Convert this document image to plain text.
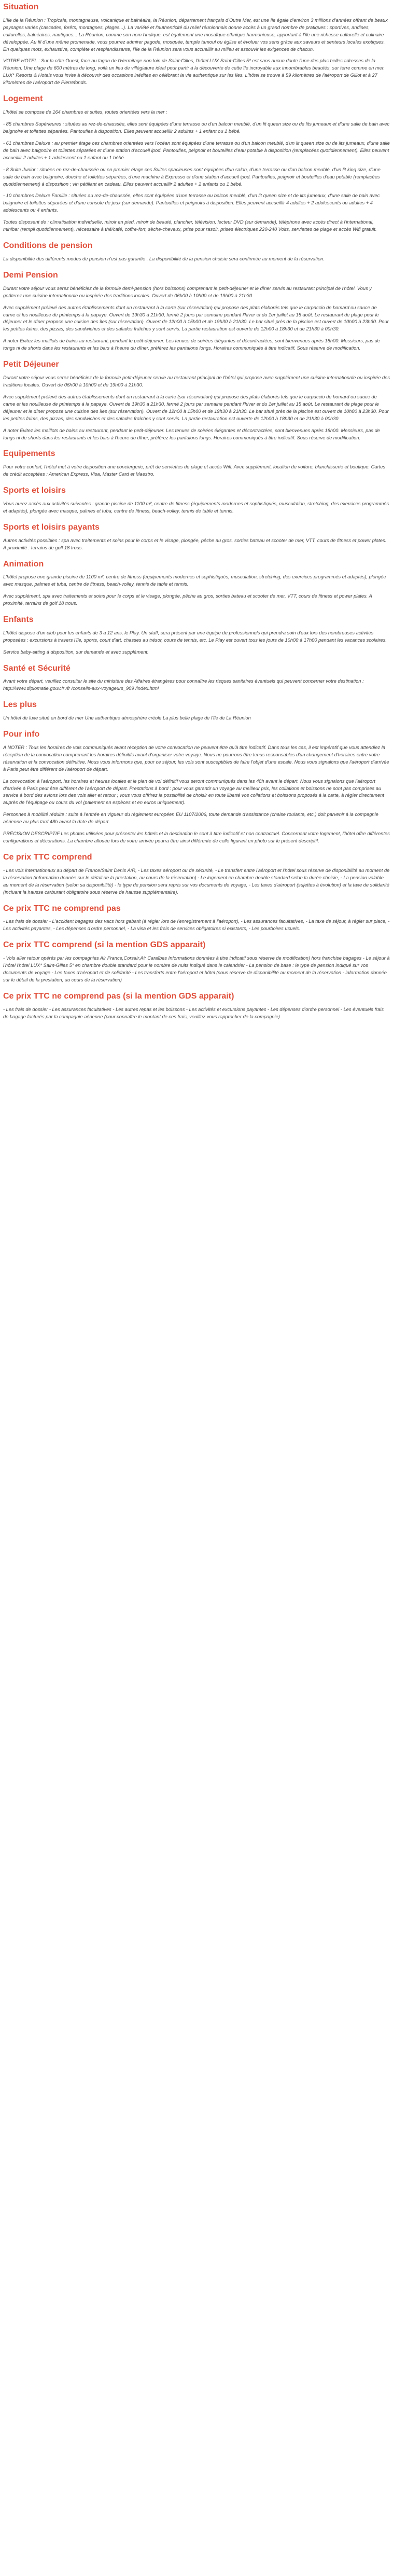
Situation

L'île de la Réunion : Tropicale, montagneuse, volcanique et balnéaire, la Réunion, département français d'Outre Mer, est une île égale d'environ 3 millions d'années offrant de beaux paysages variés (cascades, forêts, montagnes, plages...). La variété et l'authenticité du relief réunionnais donne accès à un grand nombre de pratiques : sportives, andines, culturelles, balnéaires, nautiques... La Réunion, comme son nom l'indique, est également une mosaïque ethnique harmonieuse, apportant à l'île une richesse culturelle et culinaire développée. Au fil d'une même promenade, vous pourrez admirer pagode, mosquée, temple tamoul ou église et évoluer vos sens grâce aux saveurs et senteurs locales exotiques. En quelques mots, exhaustive, complète et resplendissante, l'île de la Réunion sera vous accueillir au milieu et assouvir les exigences de chacun.

VOTRE HOTEL : Sur la côte Ouest, face au lagon de l'Hermitage non loin de Saint-Gilles, l'hôtel LUX Saint-Gilles 5* est sans aucun doute l'une des plus belles adresses de la Réunion. Une plage de 600 mètres de long, voilà un lieu de villégiature idéal pour partir à la découverte de cette île incroyable aux innombrables beautés, sur terre comme en mer. LUX* Resorts & Hotels vous invite à découvrir des occasions inédites en célébrant la vie authentique sur les îles. L'hôtel se trouve à 59 kilomètres de l'aéroport de Gillot et à 27 kilomètres de l'aéroport de Pierrefonds.

Logement

L'hôtel se compose de 164 chambres et suites, toutes orientées vers la mer :

- 85 chambres Supérieures : situées au rez-de-chaussée, elles sont équipées d'une terrasse ou d'un balcon meublé, d'un lit queen size ou de lits jumeaux et d'une salle de bain avec baignoire et toilettes séparées. Pantoufles à disposition. Elles peuvent accueillir 2 adultes + 1 enfant ou 1 bébé.

- 61 chambres Deluxe : au premier étage ces chambres orientées vers l'océan sont équipées d'une terrasse ou d'un balcon meublé, d'un lit queen size ou de lits jumeaux, d'une salle de bain avec baignoire et toilettes séparées et d'une station d'accueil ipod. Pantoufles, peignoir et bouteilles d'eau potable à disposition (remplacées quotidiennement). Elles peuvent accueillir 2 adultes + 1 adolescent ou 1 enfant ou 1 bébé.

- 8 Suite Junior : situées en rez-de-chaussée ou en premier étage ces Suites spacieuses sont équipées d'un salon, d'une terrasse ou d'un balcon meublé, d'un lit king size, d'une salle de bain avec baignoire, douche et toilettes séparées, d'une machine à Expresso et d'une station d'accueil ipod. Pantoufles, peignoir et bouteilles d'eau potable (remplacées quotidiennement) à disposition ; vin pétillant en cadeau. Elles peuvent accueillir 2 adultes + 2 enfants ou 1 bébé.

- 10 chambres Deluxe Famille : situées au rez-de-chaussée, elles sont équipées d'une terrasse ou balcon meublé, d'un lit queen size et de lits jumeaux, d'une salle de bain avec baignoire et toilettes séparées et d'une console de jeux (sur demande). Pantoufles et peignoirs à disposition. Elles peuvent accueillir 4 adultes + 2 adolescents ou adultes + 4 adolescents ou 4 enfants.

Toutes disposent de : climatisation individuelle, miroir en pied, miroir de beauté, plancher, télévision, lecteur DVD (sur demande), téléphone avec accès direct à l'international, minibar (rempli quotidiennement), nécessaire à thé/café, coffre-fort, sèche-cheveux, prise pour rasoir, prises électriques 220-240 Volts, serviettes de plage et accès Wifi gratuit.

Conditions de pension

La disponibilité des différents modes de pension n'est pas garantie . La disponibilité de la pension choisie sera confirmée au moment de la réservation.

Demi Pension

Durant votre séjour vous serez bénéficiez de la formule demi-pension (hors boissons) comprenant le petit-déjeuner et le dîner servis au restaurant principal de l'hôtel. Vous y goûterez une cuisine internationale ou inspirée des traditions locales. Ouvert de 06h00 à 10h00 et de 19h00 à 21h30.

Avec supplément prélevé des autres établissements dont un restaurant à la carte (sur réservation) qui propose des plats élaborés tels que le carpaccio de homard ou sauce de carne et les nouilleuse de printemps à la papaye. Ouvert de 19h30 à 21h30, fermé 2 jours par semaine pendant l'hiver et du 1er juillet au 15 août. Le restaurant de plage pour le déjeuner et le dîner propose une cuisine des îles (sur réservation). Ouvert de 12h00 à 15h00 et de 19h30 à 21h30. Le bar situé près de la piscine est ouvert de 10h00 à 23h30. Pour les petites faims, des pizzas, des sandwiches et des salades fraîches y sont servis. La partie restauration est ouverte de 12h00 à 18h30 et de 21h30 à 00h30.

A noter Evitez les maillots de bains au restaurant, pendant le petit-déjeuner. Les tenues de soirées élégantes et décontractées, sont bienvenues après 18h00. Messieurs, pas de tongs ni de shorts dans les restaurants et les bars à l'heure du dîner, préférez les pantalons longs. Horaires communiqués à titre indicatif. Sous réserve de modification.

Petit Déjeuner

Durant votre séjour vous serez bénéficiez de la formule petit-déjeuner servie au restaurant principal de l'hôtel qui propose avec supplément une cuisine internationale ou inspirée des traditions locales. Ouvert de 06h00 à 10h00 et de 19h00 à 21h30.

Avec supplément prélevé des autres établissements dont un restaurant à la carte (sur réservation) qui propose des plats élaborés tels que le carpaccio de homard ou sauce de carne et les nouilleuse de printemps à la papaye. Ouvert de 19h30 à 21h30, fermé 2 jours par semaine pendant l'hiver et du 1er juillet au 15 août. Le restaurant de plage pour le déjeuner et le dîner propose une cuisine des îles (sur réservation). Ouvert de 12h00 à 15h00 et de 19h30 à 21h30. Le bar situé près de la piscine est ouvert de 10h00 à 23h30. Pour les petites faims, des pizzas, des sandwiches et des salades fraîches y sont servis. La partie restauration est ouverte de 12h00 à 18h30 et de 21h30 à 00h30.

A noter Evitez les maillots de bains au restaurant, pendant le petit-déjeuner. Les tenues de soirées élégantes et décontractées, sont bienvenues après 18h00. Messieurs, pas de tongs ni de shorts dans les restaurants et les bars à l'heure du dîner, préférez les pantalons longs. Horaires communiqués à titre indicatif. Sous réserve de modification.

Equipements

Pour votre confort, l'hôtel met à votre disposition une conciergerie, prêt de serviettes de plage et accès Wifi. Avec supplément, location de voiture, blanchisserie et boutique. Cartes de crédit acceptées : American Express, Visa, Master Card et Maestro.

Sports et loisirs

Vous aurez accès aux activités suivantes : grande piscine de 1100 m², centre de fitness (équipements modernes et sophistiqués, musculation, stretching, des exercices programmés et adaptés), plongée avec masque, palmes et tuba, centre de fitness, beach-volley, tennis de table et tennis.

Sports et loisirs payants

Autres activités possibles : spa avec traitements et soins pour le corps et le visage, plongée, pêche au gros, sorties bateau et scooter de mer, VTT, cours de fitness et power plates. A proximité : terrains de golf 18 trous.

Animation

L'hôtel propose une grande piscine de 1100 m², centre de fitness (équipements modernes et sophistiqués, musculation, stretching, des exercices programmés et adaptés), plongée avec masque, palmes et tuba, centre de fitness, beach-volley, tennis de table et tennis.

Avec supplément, spa avec traitements et soins pour le corps et le visage, plongée, pêche au gros, sorties bateau et scooter de mer, VTT, cours de fitness et power plates. A proximité, terrains de golf 18 trous.

Enfants

L'hôtel dispose d'un club pour les enfants de 3 à 12 ans, le Play. Un staff, sera présent par une équipe de professionnels qui prendra soin d'eux lors des nombreuses activités proposées : excursions à travers l'île, sports, court d'art, chasses au trésor, cours de tennis, etc. Le Play est ouvert tous les jours de 10h00 à 17h00 pendant les vacances scolaires.

Service baby-sitting à disposition, sur demande et avec supplément.

Santé et Sécurité

Avant votre départ, veuillez consulter le site du ministère des Affaires étrangères pour connaître les risques sanitaires éventuels qui peuvent concerner votre destination : http://www.diplomatie.gouv.fr /fr /conseils-aux-voyageurs_909 /index.html

Les plus

Un hôtel de luxe situé en bord de mer Une authentique atmosphère créole La plus belle plage de l'île de La Réunion

Pour info

A NOTER : Tous les horaires de vols communiqués avant réception de votre convocation ne peuvent être qu'à titre indicatif. Dans tous les cas, il est impératif que vous attendiez la réception de la convocation comprenant les horaires définitifs avant d'organiser votre voyage. Nous ne pourrons être tenus responsables d'un changement d'horaires entre votre réservation et la convocation définitive. Nous vous informons que, pour ce séjour, les vols sont susceptibles de faire l'objet d'une escale. Nous vous signalons que l'aéroport d'arrivée à Paris peut être différent de l'aéroport de départ.

La convocation à l'aéroport, les horaires et heures locales et le plan de vol définitif vous seront communiqués dans les 48h avant le départ. Nous vous signalons que l'aéroport d'arrivée à Paris peut être différent de l'aéroport de départ. Prestations à bord : pour vous garantir un voyage au meilleur prix, les collations et boissons ne sont pas comprises au service à bord des avions lors des vols aller et retour ; vous vous offrirez la possibilité de choisir en toute liberté vos collations et boissons proposés à la carte, à régler directement auprès de l'équipage ou cours du vol (paiement en espèces et en euros uniquement).

Personnes à mobilité réduite : suite à l'entrée en vigueur du règlement européen EU 1107/2006, toute demande d'assistance (chaise roulante, etc.) doit parvenir à la compagnie aérienne au plus tard 48h avant la date de départ.

PRÉCISION DESCRIPTIF Les photos utilisées pour présenter les hôtels et la destination le sont à titre indicatif et non contractuel. Concernant votre logement, l'hôtel offre différentes configurations et décorations. La chambre allouée lors de votre arrivée pourra être ainsi différente de celle figurant en photo sur le présent descriptif.

Ce prix TTC comprend

- Les vols internationaux au départ de France/Saint Denis A/R, - Les taxes aéroport ou de sécurité, - Le transfert entre l'aéroport et l'hôtel sous réserve de disponibilité au moment de la réservation (information donnée sur le détail de la prestation, au cours de la réservation) - Le logement en chambre double standard selon la durée choisie, - La pension valable au moment de la réservation (selon sa disponibilité) - le type de pension sera repris sur vos documents de voyage, - Les taxes d'aéroport (sujettes à évolution) et la taxe de solidarité (incluant la hausse carburant obligatoire sous réserve de hausse supplémentaire).

Ce prix TTC ne comprend pas

- Les frais de dossier - L'accident bagages des vacs hors gabarit (à régler lors de l'enregistrement à l'aéroport), - Les assurances facultatives, - La taxe de séjour, à régler sur place, - Les activités payantes, - Les dépenses d'ordre personnel, - La visa et les frais de services obligatoires si existants, - Les pourboires usuels.

Ce prix TTC comprend (si la mention GDS apparait)

- Vols aller retour opérés par les compagnies Air France,Corsair,Air Caraïbes Informations données à titre indicatif sous réserve de modification) hors franchise bagages - Le séjour à l'hôtel l'hôtel LUX* Saint-Gilles 5* en chambre double standard pour le nombre de nuits indiqué dans le calendrier - La pension de base : le type de pension indiqué sur vos documents de voyage - Les taxes d'aéroport et de solidarité - Les transferts entre l'aéroport et hôtel (sous réserve de disponibilité au moment de la réservation - information donnée sur le détail de la prestation, au cours de la réservation)

Ce prix TTC ne comprend pas (si la mention GDS apparait)

- Les frais de dossier - Les assurances facultatives - Les autres repas et les boissons - Les activités et excursions payantes - Les dépenses d'ordre personnel - Les éventuels frais de bagage facturés par la compagnie aérienne (pour connaître le montant de ces frais, veuillez vous rapprocher de la compagnie)
